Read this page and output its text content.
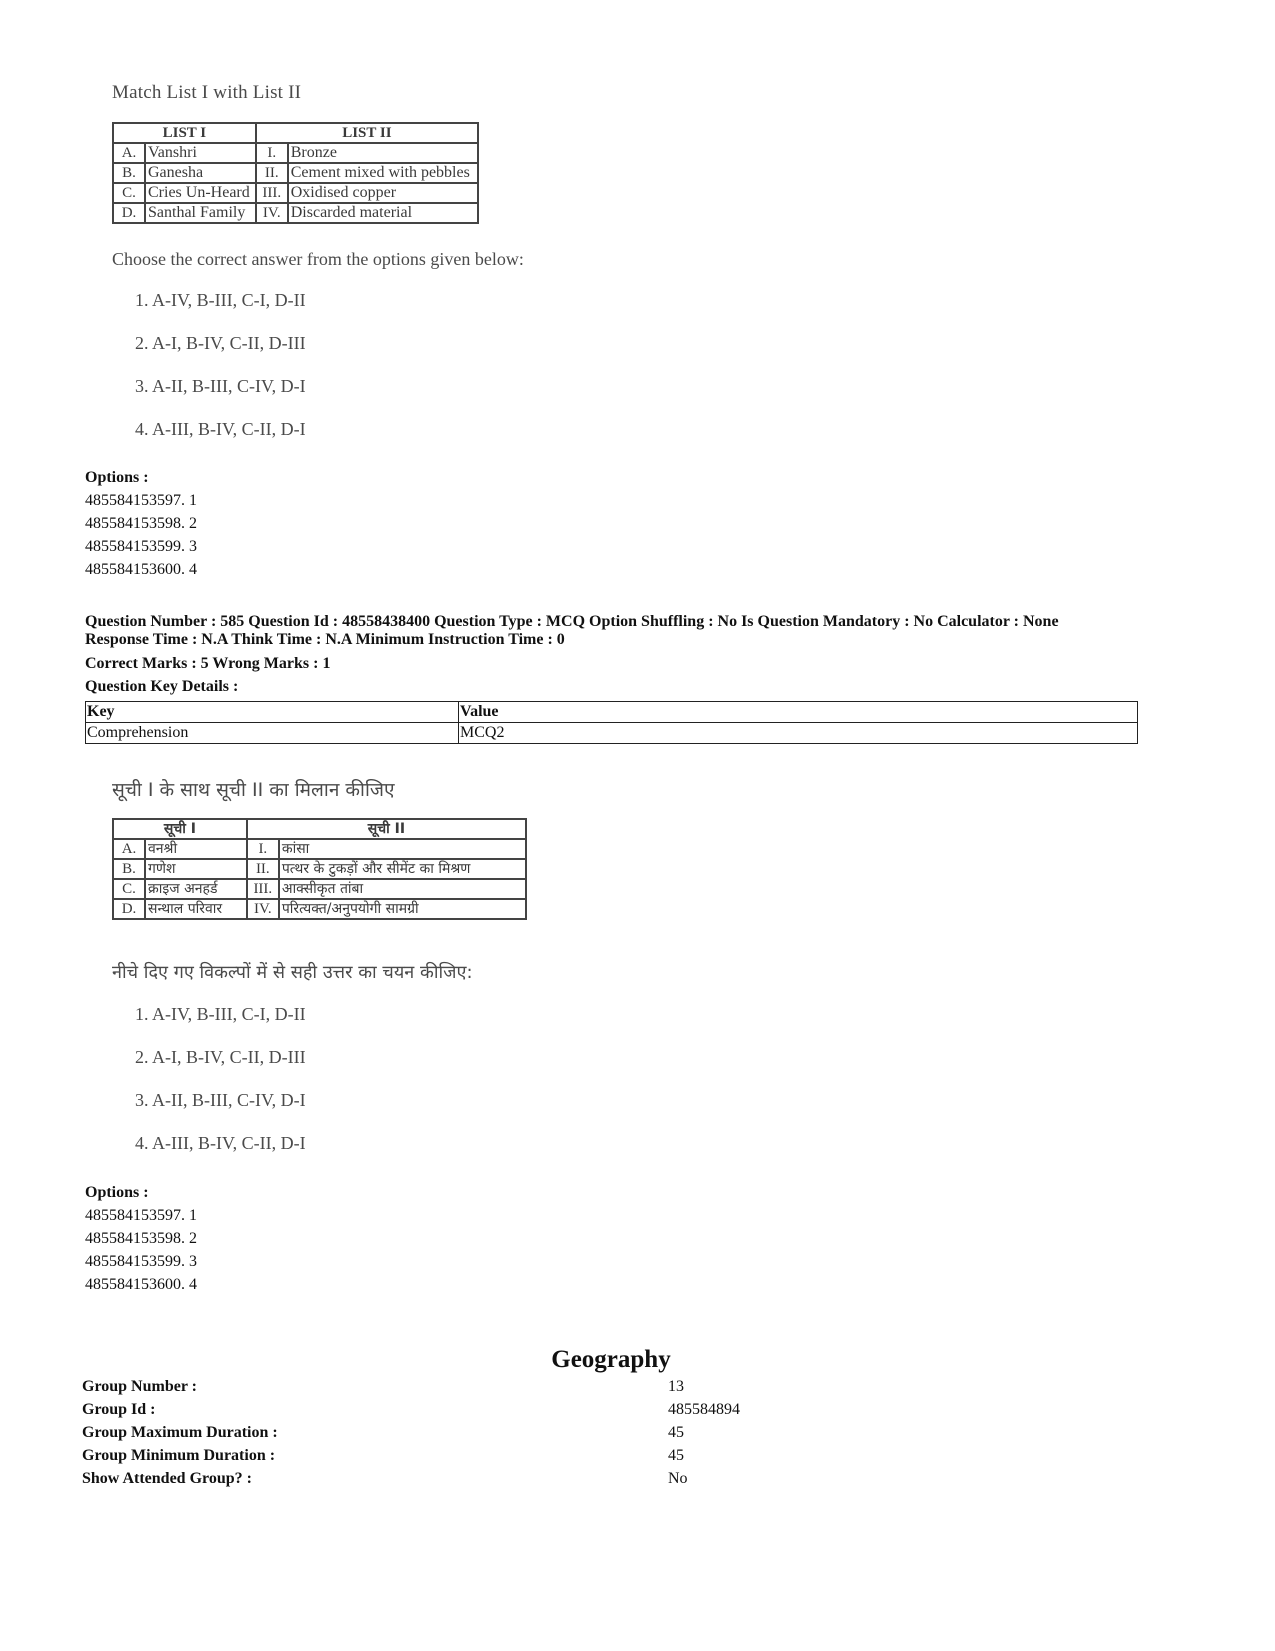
Match List I with List II
LIST I		LIST II	
A.	Vanshri	I.	Bronze
B.	Ganesha	II.	Cement mixed with pebbles
C.	Cries Un-Heard	III.	Oxidised copper
D.	Santhal Family	IV.	Discarded material
Choose the correct answer from the options given below:
1. A-IV, B-III, C-I, D-II
2. A-I, B-IV, C-II, D-III
3. A-II, B-III, C-IV, D-I
4. A-III, B-IV, C-II, D-I
Options :
485584153597. 1
485584153598. 2
485584153599. 3
485584153600. 4
Question Number : 585 Question Id : 48558438400 Question Type : MCQ Option Shuffling : No Is Question Mandatory : No Calculator : None
Response Time : N.A Think Time : N.A Minimum Instruction Time : 0
Correct Marks : 5 Wrong Marks : 1
Question Key Details :
Key	Value
Comprehension	MCQ2
सूची I के साथ सूची II का मिलान कीजिए
सूची I		सूची II	
A.	वनश्री	I.	कांसा
B.	गणेश	II.	पत्थर के टुकड़ों और सीमेंट का मिश्रण
C.	क्राइज अनहर्ड	III.	आक्सीकृत तांबा
D.	सन्थाल परिवार	IV.	परित्यक्त/अनुपयोगी सामग्री
नीचे दिए गए विकल्पों में से सही उत्तर का चयन कीजिए:
1. A-IV, B-III, C-I, D-II
2. A-I, B-IV, C-II, D-III
3. A-II, B-III, C-IV, D-I
4. A-III, B-IV, C-II, D-I
Options :
485584153597. 1
485584153598. 2
485584153599. 3
485584153600. 4
Geography
Group Number :	13
Group Id :	485584894
Group Maximum Duration :	45
Group Minimum Duration :	45
Show Attended Group? :	No
